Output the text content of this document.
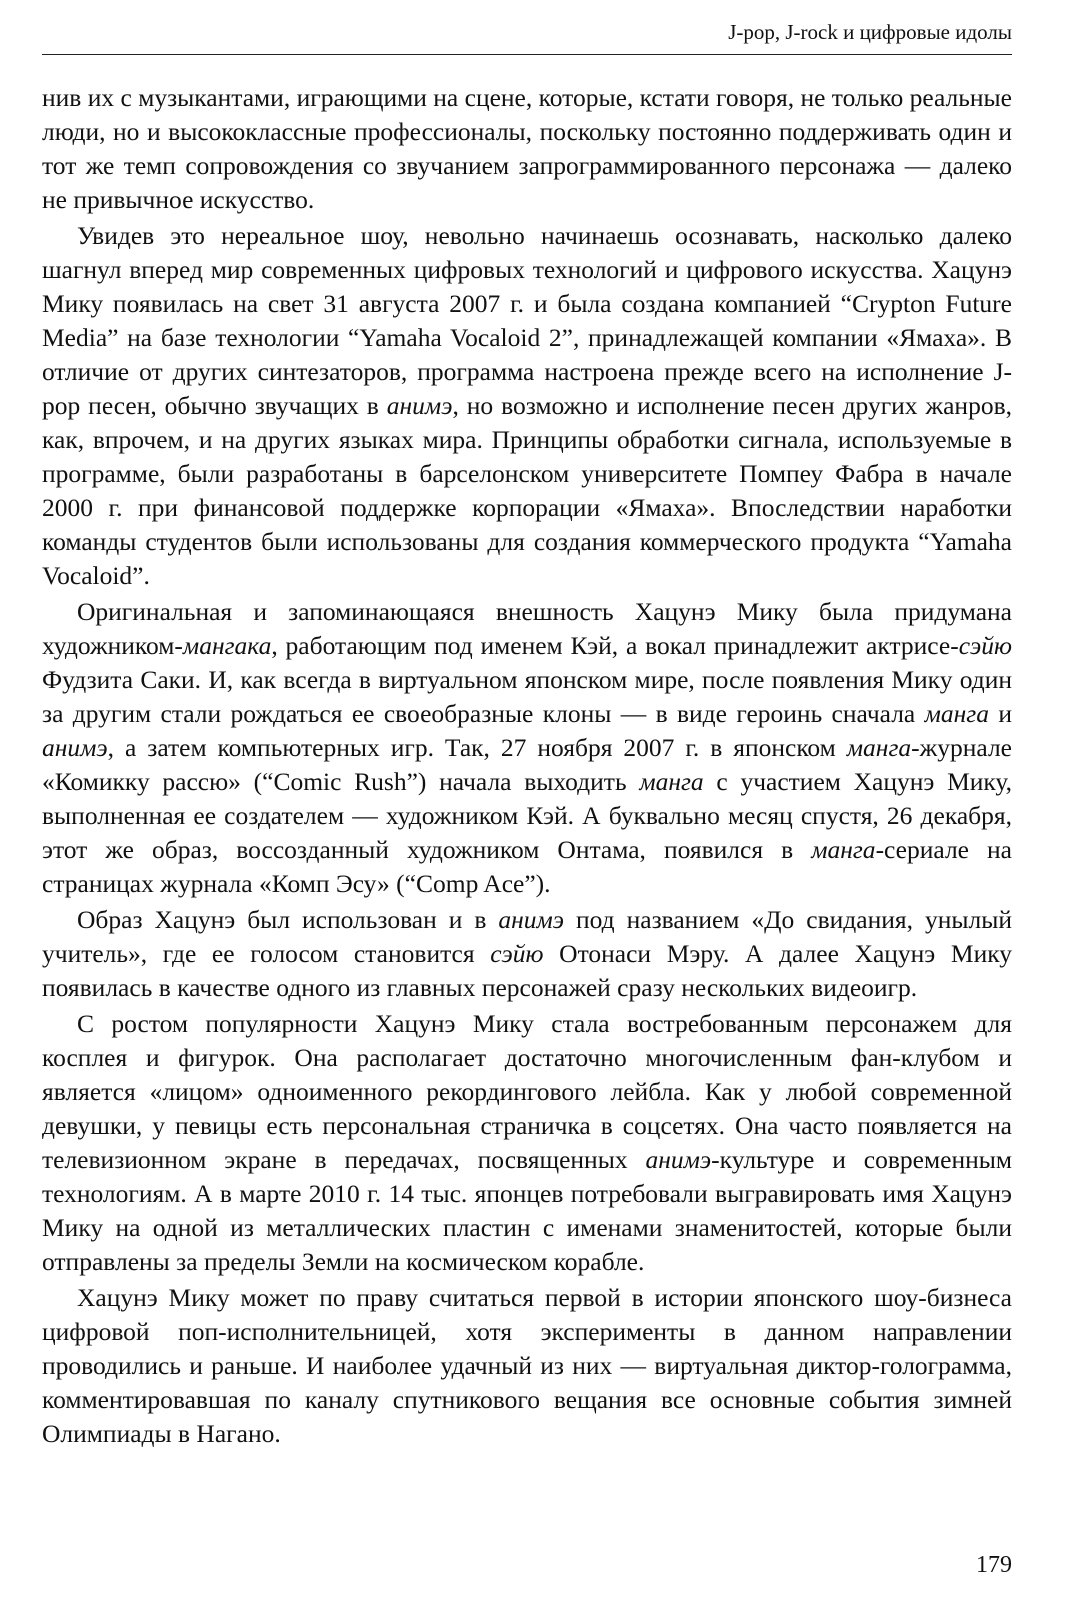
J-pop, J-rock и цифровые идолы

нив их с музыкантами, играющими на сцене, которые, кстати говоря, не только реальные люди, но и высококлассные профессионалы, поскольку постоянно поддерживать один и тот же темп сопровождения со звучанием запрограммированного персонажа — далеко не привычное искусство.

Увидев это нереальное шоу, невольно начинаешь осознавать, насколько далеко шагнул вперед мир современных цифровых технологий и цифрового искусства. Хацунэ Мику появилась на свет 31 августа 2007 г. и была создана компанией “Crypton Future Media” на базе технологии “Yamaha Vocaloid 2”, принадлежащей компании «Ямаха». В отличие от других синтезаторов, программа настроена прежде всего на исполнение J-pop песен, обычно звучащих в анимэ, но возможно и исполнение песен других жанров, как, впрочем, и на других языках мира. Принципы обработки сигнала, используемые в программе, были разработаны в барселонском университете Помпеу Фабра в начале 2000 г. при финансовой поддержке корпорации «Ямаха». Впоследствии наработки команды студентов были использованы для создания коммерческого продукта “Yamaha Vocaloid”.

Оригинальная и запоминающаяся внешность Хацунэ Мику была придумана художником-мангака, работающим под именем Кэй, а вокал принадлежит актрисе-сэйю Фудзита Саки. И, как всегда в виртуальном японском мире, после появления Мику один за другим стали рождаться ее своеобразные клоны — в виде героинь сначала манга и анимэ, а затем компьютерных игр. Так, 27 ноября 2007 г. в японском манга-журнале «Комикку рассю» (“Comic Rush”) начала выходить манга с участием Хацунэ Мику, выполненная ее создателем — художником Кэй. А буквально месяц спустя, 26 декабря, этот же образ, воссозданный художником Онтама, появился в манга-сериале на страницах журнала «Комп Эсу» (“Comp Ace”).

Образ Хацунэ был использован и в анимэ под названием «До свидания, унылый учитель», где ее голосом становится сэйю Отонаси Мэру. А далее Хацунэ Мику появилась в качестве одного из главных персонажей сразу нескольких видеоигр.

С ростом популярности Хацунэ Мику стала востребованным персонажем для косплея и фигурок. Она располагает достаточно многочисленным фан-клубом и является «лицом» одноименного рекордингового лейбла. Как у любой современной девушки, у певицы есть персональная страничка в соцсетях. Она часто появляется на телевизионном экране в передачах, посвященных анимэ-культуре и современным технологиям. А в марте 2010 г. 14 тыс. японцев потребовали выгравировать имя Хацунэ Мику на одной из металлических пластин с именами знаменитостей, которые были отправлены за пределы Земли на космическом корабле.

Хацунэ Мику может по праву считаться первой в истории японского шоу-бизнеса цифровой поп-исполнительницей, хотя эксперименты в данном направлении проводились и раньше. И наиболее удачный из них — виртуальная диктор-голограмма, комментировавшая по каналу спутникового вещания все основные события зимней Олимпиады в Нагано.

179
